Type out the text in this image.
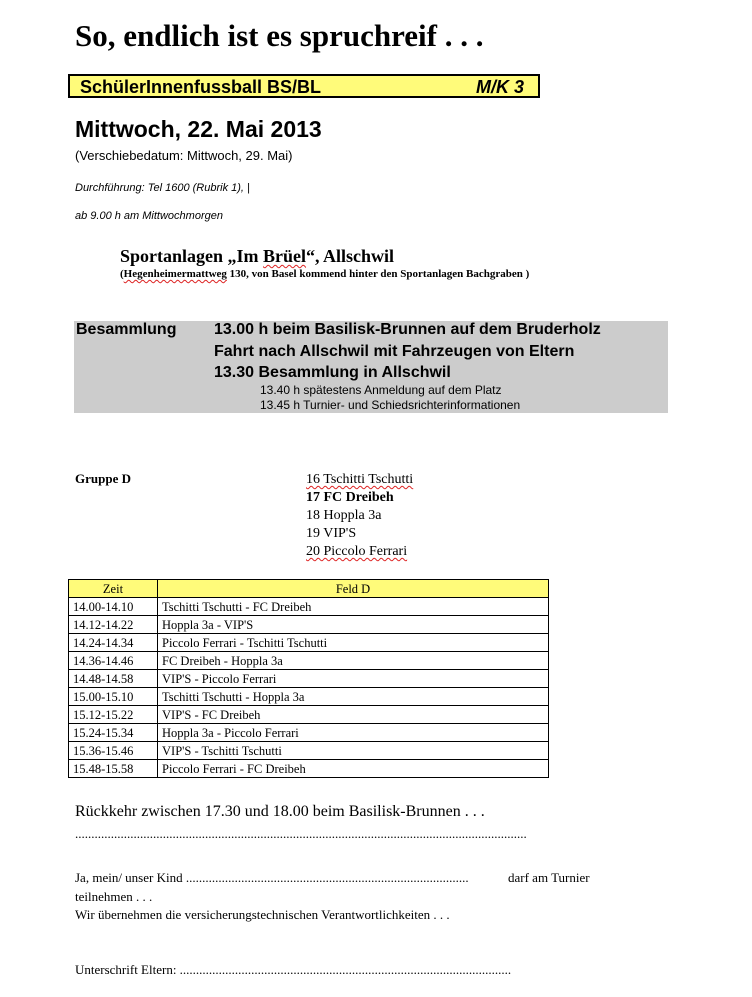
So, endlich ist es spruchreif . . .
SchülerInnenfussball BS/BL	M/K 3
Mittwoch, 22. Mai 2013
(Verschiebedatum: Mittwoch, 29. Mai)
Durchführung: Tel 1600 (Rubrik 1), |
ab 9.00 h am Mittwochmorgen
Sportanlagen „Im Brüel“, Allschwil
(Hegenheimermattweg 130, von Basel kommend hinter den Sportanlagen Bachgraben )
Besammlung 13.00 h beim Basilisk-Brunnen auf dem Bruderholz
Fahrt nach Allschwil mit Fahrzeugen von Eltern
13.30 Besammlung in Allschwil
13.40 h spätestens Anmeldung auf dem Platz
13.45 h Turnier- und Schiedsrichterinformationen
Gruppe D	16 Tschitti Tschutti
17 FC Dreibeh
18 Hoppla 3a
19 VIP'S
20 Piccolo Ferrari
Zeit	Feld D
14.00-14.10	Tschitti Tschutti - FC Dreibeh
14.12-14.22	Hoppla 3a - VIP'S
14.24-14.34	Piccolo Ferrari - Tschitti Tschutti
14.36-14.46	FC Dreibeh - Hoppla 3a
14.48-14.58	VIP'S - Piccolo Ferrari
15.00-15.10	Tschitti Tschutti - Hoppla 3a
15.12-15.22	VIP'S - FC Dreibeh
15.24-15.34	Hoppla 3a - Piccolo Ferrari
15.36-15.46	VIP'S - Tschitti Tschutti
15.48-15.58	Piccolo Ferrari - FC Dreibeh
Rückkehr zwischen 17.30 und 18.00 beim Basilisk-Brunnen . . .
...........................................................................................................................................
Ja, mein/ unser Kind .......................................................................................	darf am Turnier
teilnehmen . . .
Wir übernehmen die versicherungstechnischen Verantwortlichkeiten . . .
Unterschrift Eltern: ......................................................................................................
